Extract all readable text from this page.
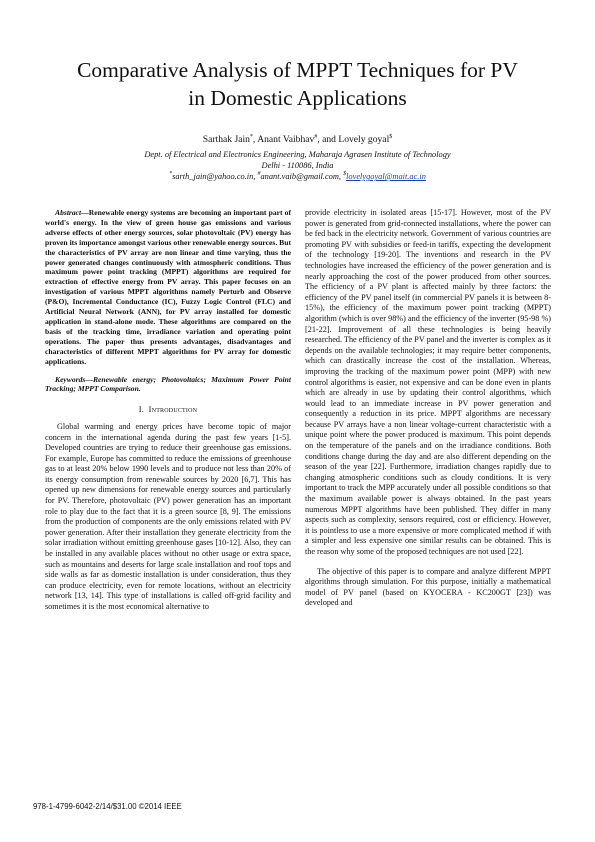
Comparative Analysis of MPPT Techniques for PV
in Domestic Applications
Sarthak Jain*, Anant Vaibhav#, and Lovely goyal$
Dept. of Electrical and Electronics Engineering, Maharaja Agrasen Institute of Technology
Delhi - 110086, India
*sarth_jain@yahoo.co.in, #anant.vaib@gmail.com, $lovelygoyal@mait.ac.in

Abstract—Renewable energy systems are becoming an important part of world's energy. In the view of green house gas emissions and various adverse effects of other energy sources, solar photovoltaic (PV) energy has proven its importance amongst various other renewable energy sources. But the characteristics of PV array are non linear and time varying, thus the power generated changes continuously with atmospheric conditions. Thus maximum power point tracking (MPPT) algorithms are required for extraction of effective energy from PV array. This paper focuses on an investigation of various MPPT algorithms namely Perturb and Observe (P&O), Incremental Conductance (IC), Fuzzy Logic Control (FLC) and Artificial Neural Network (ANN), for PV array installed for domestic application in stand-alone mode. These algorithms are compared on the basis of the tracking time, irradiance variation and operating point operations. The paper thus presents advantages, disadvantages and characteristics of different MPPT algorithms for PV array for domestic applications.

Keywords—Renewable energy; Photovoltaics; Maximum Power Point Tracking; MPPT Comparison.

I. Introduction

Global warming and energy prices have become topic of major concern in the international agenda during the past few years [1-5]. Developed countries are trying to reduce their greenhouse gas emissions. For example, Europe has committed to reduce the emissions of greenhouse gas to at least 20% below 1990 levels and to produce not less than 20% of its energy consumption from renewable sources by 2020 [6,7]. This has opened up new dimensions for renewable energy sources and particularly for PV. Therefore, photovoltaic (PV) power generation has an important role to play due to the fact that it is a green source [8, 9]. The emissions from the production of components are the only emissions related with PV power generation. After their installation they generate electricity from the solar irradiation without emitting greenhouse gases [10-12]. Also, they can be installed in any available places without no other usage or extra space, such as mountains and deserts for large scale installation and roof tops and side walls as far as domestic installation is under consideration, thus they can produce electricity, even for remote locations, without an electricity network [13, 14]. This type of installations is called off-grid facility and sometimes it is the most economical alternative to

provide electricity in isolated areas [15-17]. However, most of the PV power is generated from grid-connected installations, where the power can be fed back in the electricity network. Government of various countries are promoting PV with subsidies or feed-in tariffs, expecting the development of the technology [19-20]. The inventions and research in the PV technologies have increased the efficiency of the power generation and is nearly approaching the cost of the power produced from other sources. The efficiency of a PV plant is affected mainly by three factors: the efficiency of the PV panel itself (in commercial PV panels it is between 8-15%), the efficiency of the maximum power point tracking (MPPT) algorithm (which is over 98%) and the efficiency of the inverter (95-98 %) [21-22]. Improvement of all these technologies is being heavily researched. The efficiency of the PV panel and the inverter is complex as it depends on the available technologies; it may require better components, which can drastically increase the cost of the installation. Whereas, improving the tracking of the maximum power point (MPP) with new control algorithms is easier, not expensive and can be done even in plants which are already in use by updating their control algorithms, which would lead to an immediate increase in PV power generation and consequently a reduction in its price. MPPT algorithms are necessary because PV arrays have a non linear voltage-current characteristic with a unique point where the power produced is maximum. This point depends on the temperature of the panels and on the irradiance conditions. Both conditions change during the day and are also different depending on the season of the year [22]. Furthermore, irradiation changes rapidly due to changing atmospheric conditions such as cloudy conditions. It is very important to track the MPP accurately under all possible conditions so that the maximum available power is always obtained. In the past years numerous MPPT algorithms have been published. They differ in many aspects such as complexity, sensors required, cost or efficiency. However, it is pointless to use a more expensive or more complicated method if with a simpler and less expensive one similar results can be obtained. This is the reason why some of the proposed techniques are not used [22].

The objective of this paper is to compare and analyze different MPPT algorithms through simulation. For this purpose, initially a mathematical model of PV panel (based on KYOCERA - KC200GT [23]) was developed and

978-1-4799-6042-2/14/$31.00 ©2014 IEEE
